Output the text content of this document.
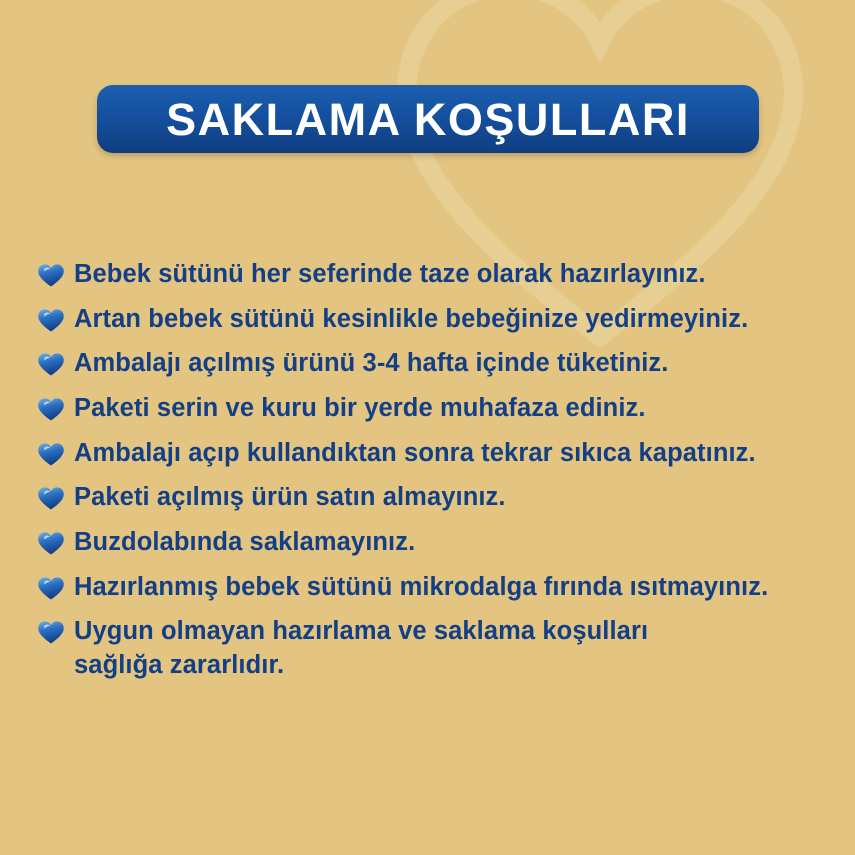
SAKLAMA KOŞULLARI
Bebek sütünü her seferinde taze olarak hazırlayınız.
Artan bebek sütünü kesinlikle bebeğinize yedirmeyiniz.
Ambalajı açılmış ürünü 3-4 hafta içinde tüketiniz.
Paketi serin ve kuru bir yerde muhafaza ediniz.
Ambalajı açıp kullandıktan sonra tekrar sıkıca kapatınız.
Paketi açılmış ürün satın almayınız.
Buzdolabında saklamayınız.
Hazırlanmış bebek sütünü mikrodalga fırında ısıtmayınız.
Uygun olmayan hazırlama ve saklama koşulları
sağlığa zararlıdır.
